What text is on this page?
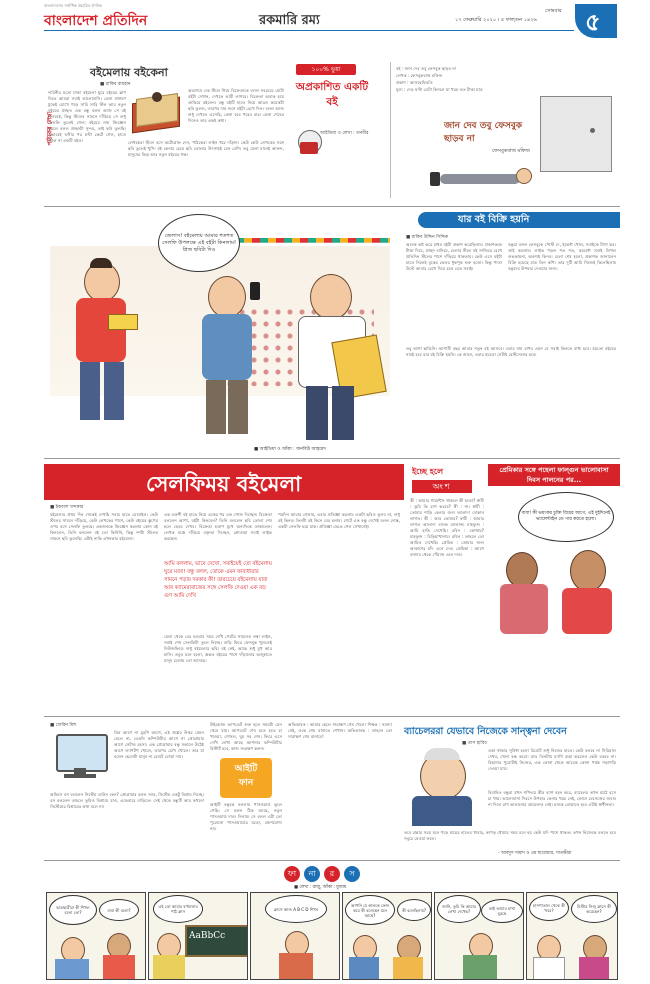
বাংলাদেশের সর্বাধিক প্রচারিত দৈনিক
বাংলাদেশ প্রতিদিন	রকমারি রম্য
সোমবার
১৭ ফেব্রুয়ারি ২০২০ । ৫ ফাল্গুন ১৪২৬ ৫
পাঠকের লেখা
বইমেলায় বইকেনা
■ রাকিব রায়হান
দামিনীর মতো ঢাকা বইমেলা ঘুরে বইয়ের ঘ্রাণ নিতে আমরা সবাই ভালোবাসি। মেলা প্রাঙ্গণে ঢুকেই চোখে পড়ে সারি সারি স্টল আর নতুন বইয়ের প্রচ্ছদ। এক বন্ধু বলল আজ সে বই কিনবেই, কিন্তু স্টলের সামনে দাঁড়িয়ে সে শুধু সেলফি তুলেই গেল। বইয়ের নাম জিজ্ঞেস করলে বলল প্রচ্ছদটা সুন্দর, তাই ছবি তুলছি। এভাবেই ঘণ্টার পর ঘণ্টা কেটে গেল, হাতে উঠল না একটি বইও।
অবশেষে এক স্টলে গিয়ে বিক্রেতাকে বলল সবচেয়ে মোটা বইটা দেখান, দেখতে ভারী লাগবে। বিক্রেতা অবাক হয়ে তাকিয়ে রইলেন। বন্ধু বইটি হাতে নিয়ে আরও কয়েকটা ছবি তুলল, তারপর দাম শুনে বইটা রেখে দিল। বলল আজ শুধু দেখতে এসেছি, কেনা হবে পরের বার। মেলা শেষের দিনেও তার একই কথা।
লেখকেরা স্টলে বসে অটোগ্রাফ দেন, পাঠকেরা লাইন ধরে দাঁড়ান। কেউ কেউ লেখকের সঙ্গে ছবি তুলেই খুশি। বই কেনার চেয়ে ছবি তোলার উৎসাহই যেন বেশি। তবু মেলা মানেই আনন্দ, মানুষের ভিড় আর নতুন বইয়ের গন্ধ।
১০০% ভুয়া
অপ্রকাশিত একটি বই
আইডিয়া ও লেখা : তনবীর
বই : জান দেব তবু ফেসবুক ছাড়ব না
লেখক : ফেসবুকবাজ মফিজ
প্রকাশ : আসছেফিরতি
মূল্য : দেড় ঘণ্টা ডেটা কিনলে যা খরচ তত টাকা মাত্র
জান দেব তবু ফেসবুক ছাড়ব না
ফেসবুকবাজ মফিজ
জেলাস! বইমেলায় আমার শতশত সেলফি উপলক্ষে এই বইটা কিনলাম! প্লিজ ছবিটা দিও
■ আইডিয়া ও আঁকা : জনবিউ আহমেদ
যার বই বিক্রি হয়নি
■ রাকিব উদ্দিন সিদ্দিক
অনেক কষ্ট করে প্রথম বইটা প্রকাশ করেছিলাম। প্রকাশককে টাকা দিয়ে, প্রচ্ছদ বানিয়ে, মেলার স্টলে বই সাজিয়ে রেখে প্রতিদিন স্টলের পাশে দাঁড়িয়ে থাকতাম। কেউ এসে বইটা হাতে নিলেই বুকের ভেতর ধুকপুক শুরু হতো। কিন্তু পাতা উল্টে আবার রেখে দিয়ে চলে যেত সবাই।
বন্ধুরা বলল ফেসবুকে পোস্ট দে, ইভেন্ট খোল, সবাইকে ট্যাগ কর। তাই করলাম। লাইক পড়ল শত শত, কমেন্টে সবাই লিখল শুভকামনা, অবশ্যই কিনব। মেলা শেষ হলো, প্রকাশক জানালেন বিক্রি হয়েছে মাত্র তিন কপি। তার দুটি আমি নিজেই কিনেছিলাম বন্ধুদের উপহার দেওয়ার জন্য।
তবু আশা ছাড়িনি। আগামী বছর আবার নতুন বই আসবে। এবার নাম রাখব এমন যে সবাই কিনতে বাধ্য হবে। হয়তো বইয়ের নামই হবে যার বই বিক্রি হয়নি। কে জানে, এবার হয়তো সেটাই বেস্টসেলার হবে।
সেলফিময় বইমেলা
■ ইকবাল খন্দকার
বইমেলার প্রথম দিন থেকেই দেখছি সবার হাতে মোবাইল। কেউ স্টলের সামনে দাঁড়িয়ে, কেউ লেখকের পাশে, কেউ বইয়ের স্তূপের ওপর বসে সেলফি তুলছে। একজনকে জিজ্ঞেস করলাম কোন বই কিনলেন, তিনি বললেন বই তো কিনিনি, কিন্তু দশটা স্টলের সামনে ছবি তুলেছি। এটাই নাকি এখনকার বইমেলা।
এক তরুণী বই হাতে নিয়ে একের পর এক পোজ দিচ্ছেন। বিক্রেতা বললেন আপা, বইটা কিনবেন? তিনি বললেন ছবি তোলা শেষ হলে ভেবে দেখব। বিক্রেতা হতাশ মুখে অন্যদিকে তাকালেন। লেখক মঞ্চে দাঁড়িয়ে বক্তৃতা দিচ্ছেন, শ্রোতারা সবাই লাইভ করছেন।
আমি বললাম, ভাবে দেখো, সবাইয়েই তো বইমেলায় ঘুরে মজা! বন্ধু বলল, তোকে এমন কাব্যধারার সামনে পড়ার দরকার কী! তারচেয়ে বইমেলায় যারা আর ক্যামেরাবাজের সঙ্গে সেলফি দেওয়া এক বড় গুণ আমি দেখি
মেলা থেকে বের হওয়ার সময় দেখি গেটের সামনেও লম্বা লাইন, সবাই শেষ সেলফিটা তুলে নিচ্ছে। বাড়ি ফিরে ফেসবুক খুলতেই নিউজফিডে শুধু বইমেলার ছবি। বই নেই, আছে শুধু মুখ আর হাসি। তবুও মনে হলো, অন্তত বইয়ের পাশে দাঁড়ানোর অজুহাতে মানুষ মেলায় তো আসছে।
পরদিন আবার গেলাম, এবার প্রতিজ্ঞা করলাম একটা ছবিও তুলব না, শুধু বই কিনব। তিনটা বই কিনে বের হলাম। গেটে এক বন্ধু দেখেই বলল দোস্ত, একটা সেলফি হয়ে যাক। প্রতিজ্ঞা ভেঙে গেল সেখানেই।
ইচ্ছে হলে
অংশ
স্ত্রী : আমার গার্মেন্টস থাকলে কী হতো? স্বামী : তুমি কি রাগ করবে? স্ত্রী : না। স্বামী : তোমার শাড়ি কেনার জন্য আলাদা দোকান লাগত। স্ত্রী : আর তোমার? স্বামী : আমার লাগত আলাদা ব্যাংক ব্যালান্স। মাহফুজ : আমি হাতি দেখেছি। রবিন : কোথায়? মাহফুজ : চিড়িয়াখানায়। রবিন : তাহলে তো আমিও দেখেছি। প্রেমিক : তোমার জন্য আকাশের চাঁদ এনে দেব। প্রেমিকা : আগে বাজার থেকে পেঁয়াজ এনে দাও।
প্রেমিকার সঙ্গে পহেলা ফাল্গুন ভালোবাসা দিবস পালনের পর...
বাবা! কী ভয়ংকর চুক্তি বিয়ের আগে, এই দুইদিনেই ভ্যালেন্টাইন ডে পার করতে হলো।
■ জেরিন মিহু
ডিম আগে না মুরগি আগে, এই প্রশ্নের উত্তর যেমন মেলে না, তেমনি কম্পিউটার আগে না প্রোগ্রামার আগে সেটাও রহস্য। এক প্রোগ্রামার বন্ধু সকালে উঠেই আগে ল্যাপটপ খোলে, তারপর চোখ খোলে। তার মা বলেন ছেলেটা মানুষ না রোবট বোঝা দায়।
অফিসে বস বললেন সিস্টেম ডাউন কেন? প্রোগ্রামার বলল স্যার, সিস্টেম একটু বিশ্রাম নিচ্ছে। বস বললেন তাহলে তুমিও বিশ্রামে যাও, একেবারে বাড়িতে। সেই থেকে বন্ধুটি আর কখনো সিস্টেমের বিশ্রামের কথা বলে না।
আইটি ফান
উইন্ডোজ আপডেট শুরু হলে সময়টা যেন থেমে যায়। আপডেট শেষ হতে হতে চা খাওয়া, গোসল, ঘুম সব শেষ। ফিরে এসে দেখি লেখা আছে আপনার কম্পিউটার রিস্টার্ট হবে, কাজ সংরক্ষণ করুন।
আইটি বন্ধুকে বললাম পাসওয়ার্ড ভুলে গেছি। সে বলল ঠিক আছে, নতুন পাসওয়ার্ড দাও। দিলাম। সে বলল এটা তো পুরোনো পাসওয়ার্ডের মতো, গ্রহণযোগ্য নয়।
অভিভাবক : আমার ছেলে সারাক্ষণ গেম খেলে। শিক্ষক : সমস্যা নেই, ওকে গেম বানাতে শেখান। অভিভাবক : তাহলে তো সারাক্ষণ গেম বানাবে!	ব্যাচেলররা যেভাবে নিজেকে সান্ত্বনা দেবেন
■ তাস হাবিব
একা থাকার সুবিধা হলো রিমোট শুধু নিজের হাতে। কেউ বলবে না সিরিয়াল দেখব, খেলা বন্ধ করো। রাত তিনটায় ম্যাগি রান্না করলেও কেউ বকবে না। বিছানার পুরোটাই নিজের, এক কোনা থেকে আরেক কোনা পর্যন্ত গড়াগড়ি দেওয়া যায়।
বিবাহিত বন্ধুরা যখন শপিংয়ে স্ত্রীর ব্যাগ বহন করে, ব্যাচেলর তখন মাঠে বসে চা খায়। ভালোবাসা দিবসে উপহার কেনার খরচ নেই, ফোনে মেসেজের জবাব না দিলে রাগ ভাঙানোর ঝামেলাও নেই। মনকে বোঝাতে হবে এটাই স্বাধীনতা।
তবে রান্নার সময় মনে পড়ে মায়ের হাতের খাবার, কাপড় ধোয়ার সময় মনে হয় কেউ যদি পাশে থাকত। তখন নিজেকে বলতে হবে সবুরে মেওয়া ফলে।
- আবদুস সামাদ ও এম ছারোয়ার, সাতক্ষীরা
ফা	না	র	স
■ লেখা : রাজু, আঁকা : মুজাম
ছাত্রছাত্রীরা কী শিখল বলো তো?	বাবা কী বলো?
এই তো আমার বর্ণমালার পাঠ ক্লাস
AaBbCc
ক্লাসে আজ A B C D শিখব
আপনি যে কালকে ফোন করে কী বলেছেন মনে আছে?
কী বলেছিলাম?
জানি, তুমি কি আমার লেখা দেখেছ?
ভাই আমার মাথা ঘুরছে
হাসপাতাল থেকে কী খবর?
মিস্টার সিজু ক্লাসে কী করেছেন?
